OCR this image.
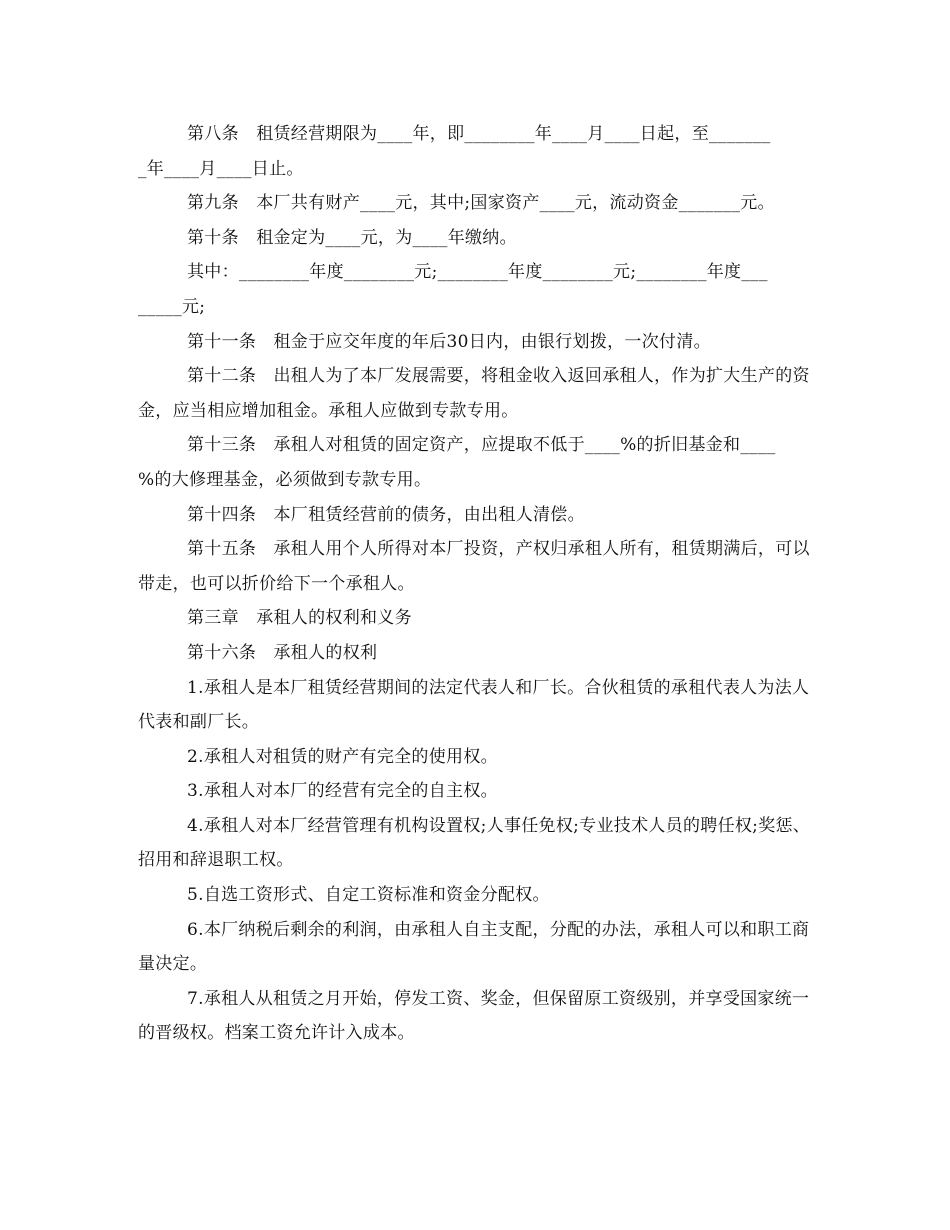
第八条　租赁经营期限为____年，即________年____月____日起，至_______
_年____月____日止。

第九条　本厂共有财产____元，其中;国家资产____元，流动资金_______元。

第十条　租金定为____元，为____年缴纳。

其中：________年度________元;________年度________元;________年度___
_____元;

第十一条　租金于应交年度的年后30日内，由银行划拨，一次付清。

第十二条　出租人为了本厂发展需要，将租金收入返回承租人，作为扩大生产的资金，应当相应增加租金。承租人应做到专款专用。

第十三条　承租人对租赁的固定资产，应提取不低于____%的折旧基金和____
%的大修理基金，必须做到专款专用。

第十四条　本厂租赁经营前的债务，由出租人清偿。

第十五条　承租人用个人所得对本厂投资，产权归承租人所有，租赁期满后，可以带走，也可以折价给下一个承租人。

第三章　承租人的权利和义务

第十六条　承租人的权利

1.承租人是本厂租赁经营期间的法定代表人和厂长。合伙租赁的承租代表人为法人代表和副厂长。

2.承租人对租赁的财产有完全的使用权。

3.承租人对本厂的经营有完全的自主权。

4.承租人对本厂经营管理有机构设置权;人事任免权;专业技术人员的聘任权;奖惩、招用和辞退职工权。

5.自选工资形式、自定工资标准和资金分配权。

6.本厂纳税后剩余的利润，由承租人自主支配，分配的办法，承租人可以和职工商量决定。

7.承租人从租赁之月开始，停发工资、奖金，但保留原工资级别，并享受国家统一的晋级权。档案工资允许计入成本。
